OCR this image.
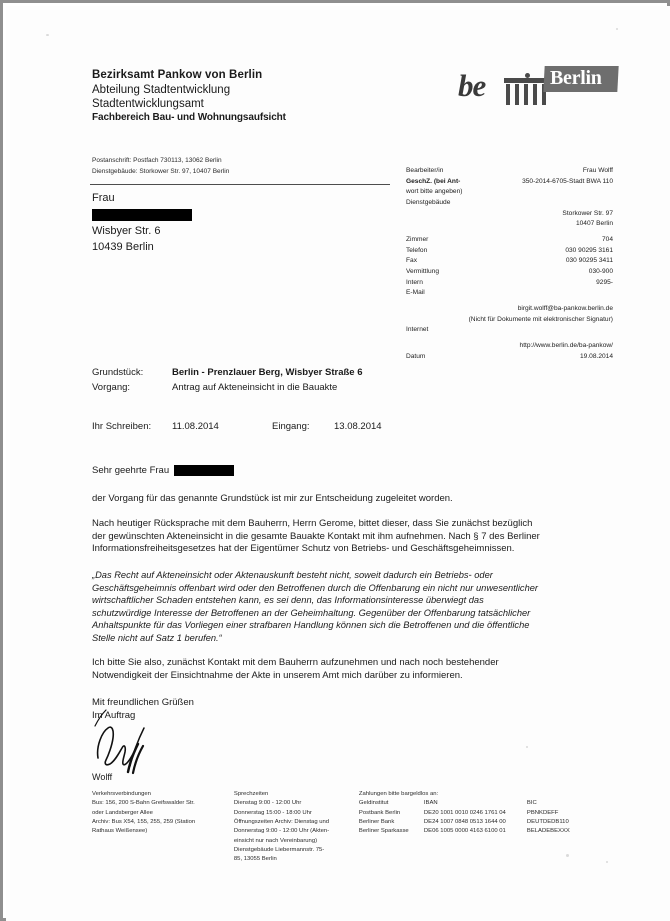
Bezirksamt Pankow von Berlin
Abteilung Stadtentwicklung
Stadtentwicklungsamt
Fachbereich Bau- und Wohnungsaufsicht
be	Berlin
Postanschrift: Postfach 730113, 13062 Berlin
Dienstgebäude: Storkower Str. 97, 10407 Berlin
Frau
Wisbyer Str. 6
10439 Berlin
Bearbeiter/in	Frau Wolff
GeschZ. (bei Ant-	350-2014-6705-Stadt BWA 110
wort bitte angeben)
Dienstgebäude
Storkower Str. 97
10407 Berlin
Zimmer	704
Telefon	030 90295 3161
Fax	030 90295 3411
Vermittlung	030-900
Intern	9295-
E-Mail
birgit.wolff@ba-pankow.berlin.de
(Nicht für Dokumente mit elektronischer Signatur)
Internet
http://www.berlin.de/ba-pankow/
Datum	19.08.2014
Grundstück:	Berlin - Prenzlauer Berg, Wisbyer Straße 6
Vorgang:	Antrag auf Akteneinsicht in die Bauakte
Ihr Schreiben:	11.08.2014	Eingang:	13.08.2014
Sehr geehrte Frau
der Vorgang für das genannte Grundstück ist mir zur Entscheidung zugeleitet worden.
Nach heutiger Rücksprache mit dem Bauherrn, Herrn Gerome, bittet dieser, dass Sie zunächst bezüglich der gewünschten Akteneinsicht in die gesamte Bauakte Kontakt mit ihm aufnehmen. Nach § 7 des Berliner Informationsfreiheitsgesetzes hat der Eigentümer Schutz von Betriebs- und Geschäftsgeheimnissen.
„Das Recht auf Akteneinsicht oder Aktenauskunft besteht nicht, soweit dadurch ein Betriebs- oder Geschäftsgeheimnis offenbart wird oder den Betroffenen durch die Offenbarung ein nicht nur unwesentlicher wirtschaftlicher Schaden entstehen kann, es sei denn, das Informationsinteresse überwiegt das schutzwürdige Interesse der Betroffenen an der Geheimhaltung. Gegenüber der Offenbarung tatsächlicher Anhaltspunkte für das Vorliegen einer strafbaren Handlung können sich die Betroffenen und die öffentliche Stelle nicht auf Satz 1 berufen.“
Ich bitte Sie also, zunächst Kontakt mit dem Bauherrn aufzunehmen und nach noch bestehender Notwendigkeit der Einsichtnahme der Akte in unserem Amt mich darüber zu informieren.
Mit freundlichen Grüßen
Im Auftrag
Wolff
Verkehrsverbindungen
Bus: 156, 200 S-Bahn Greifswalder Str.
oder Landsberger Allee
Archiv: Bus X54, 155, 255, 259 (Station
Rathaus Weißensee)
Sprechzeiten
Dienstag 9:00 - 12:00 Uhr
Donnerstag 15:00 - 18:00 Uhr
Öffnungszeiten Archiv: Dienstag und
Donnerstag 9:00 - 12:00 Uhr (Akten-
einsicht nur nach Vereinbarung)
Dienstgebäude Liebermannstr. 75-
85, 13055 Berlin
Zahlungen bitte bargeldlos an:
Geldinstitut	IBAN	BIC
Postbank Berlin	DE20 1001 0010 0246 1761 04	PBNKDEFF
Berliner Bank	DE24 1007 0848 0513 1644 00	DEUTDEDB110
Berliner Sparkasse	DE06 1005 0000 4163 6100 01	BELADEBEXXX
